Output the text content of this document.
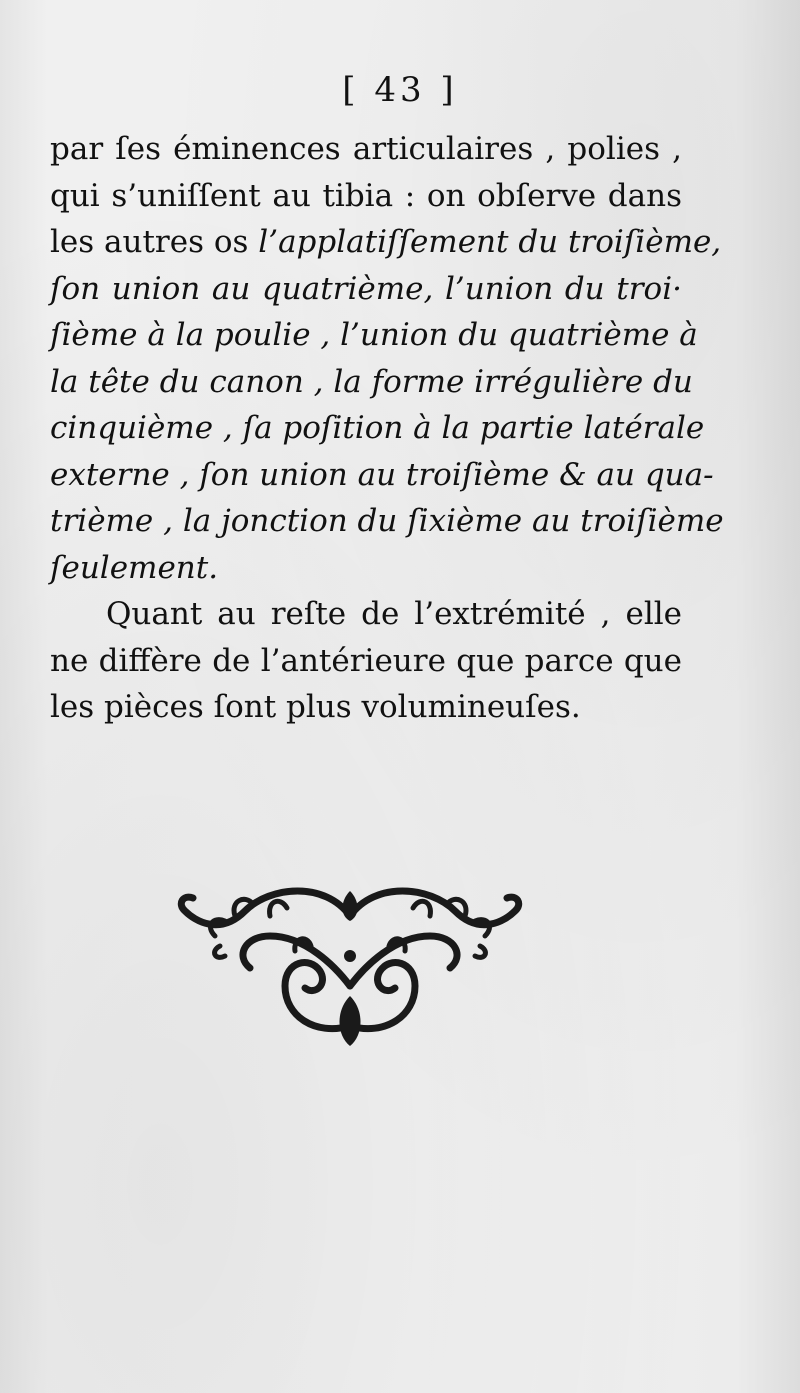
[ 43 ]

par ſes éminences articulaires , polies ,
qui s’uniſſent au tibia : on obſerve dans
les autres os l’applatiſſement du troiſième,
ſon union au quatrième, l’union du troi·
ſième à la poulie , l’union du quatrième à
la tête du canon , la forme irrégulière du
cinquième , ſa poſition à la partie latérale
externe , ſon union au troiſième & au qua-
trième , la jonction du ſixième au troiſième
ſeulement.

Quant au reſte de l’extrémité , elle
ne diffère de l’antérieure que parce que
les pièces ſont plus volumineuſes.
